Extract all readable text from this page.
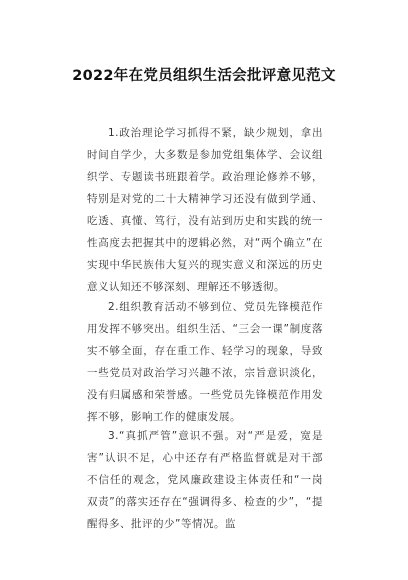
2022年在党员组织生活会批评意见范文

1.政治理论学习抓得不紧，缺少规划，拿出时间自学少，大多数是参加党组集体学、会议组织学、专题读书班跟着学。政治理论修养不够，特别是对党的二十大精神学习还没有做到学通、吃透、真懂、笃行，没有站到历史和实践的统一性高度去把握其中的逻辑必然，对“两个确立”在实现中华民族伟大复兴的现实意义和深远的历史意义认知还不够深刻、理解还不够透彻。

2.组织教育活动不够到位、党员先锋模范作用发挥不够突出。组织生活、“三会一课”制度落实不够全面，存在重工作、轻学习的现象，导致一些党员对政治学习兴趣不浓，宗旨意识淡化，没有归属感和荣誉感。一些党员先锋模范作用发挥不够，影响工作的健康发展。

3.“真抓严管”意识不强。对“严是爱，宽是害”认识不足，心中还存有严格监督就是对干部不信任的观念，党风廉政建设主体责任和“一岗双责”的落实还存在“强调得多、检查的少”，“提醒得多、批评的少”等情况。监
